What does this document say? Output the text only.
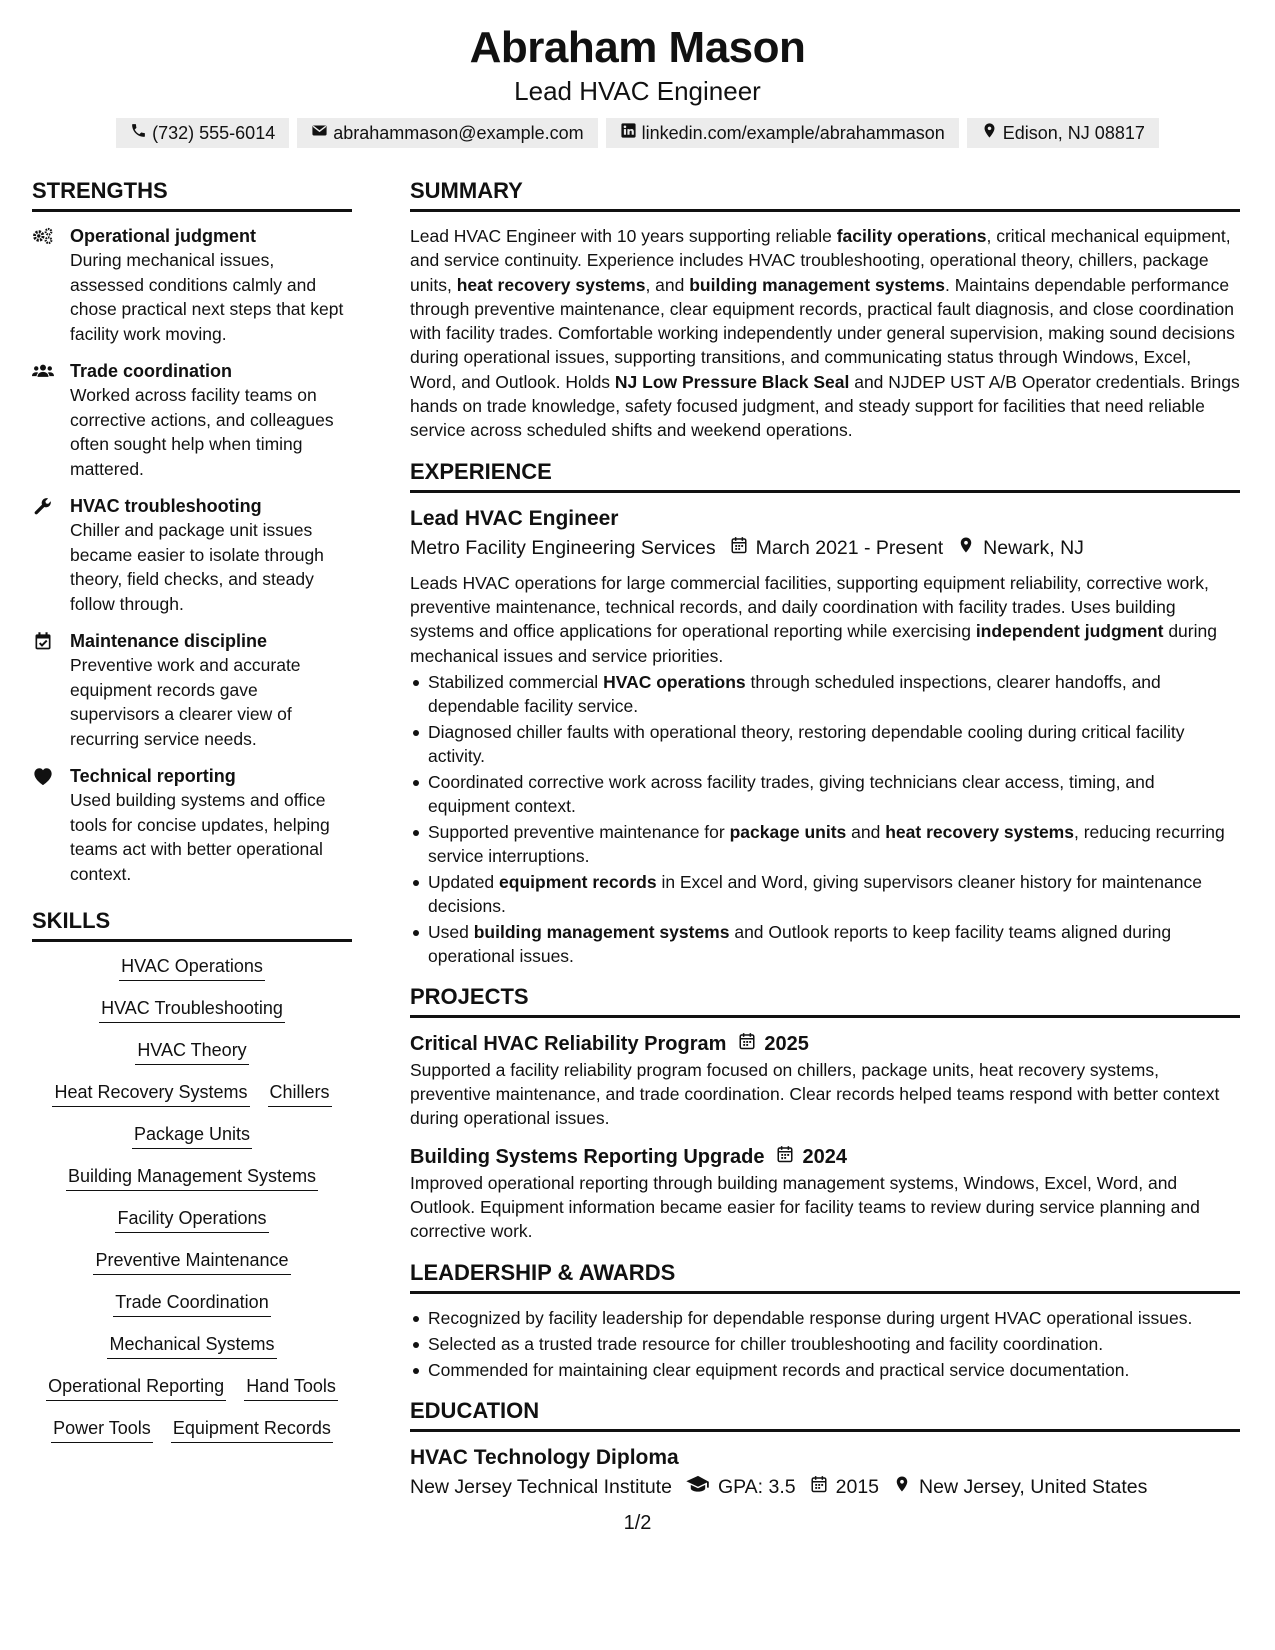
Abraham Mason
Lead HVAC Engineer
(732) 555-6014	abrahammason@example.com	linkedin.com/example/abrahammason	Edison, NJ 08817
STRENGTHS
Operational judgment
During mechanical issues, assessed conditions calmly and chose practical next steps that kept facility work moving.
Trade coordination
Worked across facility teams on corrective actions, and colleagues often sought help when timing mattered.
HVAC troubleshooting
Chiller and package unit issues became easier to isolate through theory, field checks, and steady follow through.
Maintenance discipline
Preventive work and accurate equipment records gave supervisors a clearer view of recurring service needs.
Technical reporting
Used building systems and office tools for concise updates, helping teams act with better operational context.
SKILLS
HVAC Operations
HVAC Troubleshooting
HVAC Theory
Heat Recovery Systems Chillers
Package Units
Building Management Systems
Facility Operations
Preventive Maintenance
Trade Coordination
Mechanical Systems
Operational Reporting Hand Tools
Power Tools Equipment Records
SUMMARY

Lead HVAC Engineer with 10 years supporting reliable facility operations, critical mechanical equipment, and service continuity. Experience includes HVAC troubleshooting, operational theory, chillers, package units, heat recovery systems, and building management systems. Maintains dependable performance through preventive maintenance, clear equipment records, practical fault diagnosis, and close coordination with facility trades. Comfortable working independently under general supervision, making sound decisions during operational issues, supporting transitions, and communicating status through Windows, Excel, Word, and Outlook. Holds NJ Low Pressure Black Seal and NJDEP UST A/B Operator credentials. Brings hands on trade knowledge, safety focused judgment, and steady support for facilities that need reliable service across scheduled shifts and weekend operations.

EXPERIENCE
Lead HVAC Engineer
Metro Facility Engineering Services March 2021 - Present Newark, NJ

Leads HVAC operations for large commercial facilities, supporting equipment reliability, corrective work, preventive maintenance, technical records, and daily coordination with facility trades. Uses building systems and office applications for operational reporting while exercising independent judgment during mechanical issues and service priorities.

Stabilized commercial HVAC operations through scheduled inspections, clearer handoffs, and dependable facility service.
Diagnosed chiller faults with operational theory, restoring dependable cooling during critical facility activity.
Coordinated corrective work across facility trades, giving technicians clear access, timing, and equipment context.
Supported preventive maintenance for package units and heat recovery systems, reducing recurring service interruptions.
Updated equipment records in Excel and Word, giving supervisors cleaner history for maintenance decisions.
Used building management systems and Outlook reports to keep facility teams aligned during operational issues.
PROJECTS
Critical HVAC Reliability Program 2025

Supported a facility reliability program focused on chillers, package units, heat recovery systems, preventive maintenance, and trade coordination. Clear records helped teams respond with better context during operational issues.

Building Systems Reporting Upgrade 2024

Improved operational reporting through building management systems, Windows, Excel, Word, and Outlook. Equipment information became easier for facility teams to review during service planning and corrective work.

LEADERSHIP & AWARDS
Recognized by facility leadership for dependable response during urgent HVAC operational issues.
Selected as a trusted trade resource for chiller troubleshooting and facility coordination.
Commended for maintaining clear equipment records and practical service documentation.
EDUCATION
HVAC Technology Diploma
New Jersey Technical Institute GPA: 3.5 2015 New Jersey, United States
1/2
